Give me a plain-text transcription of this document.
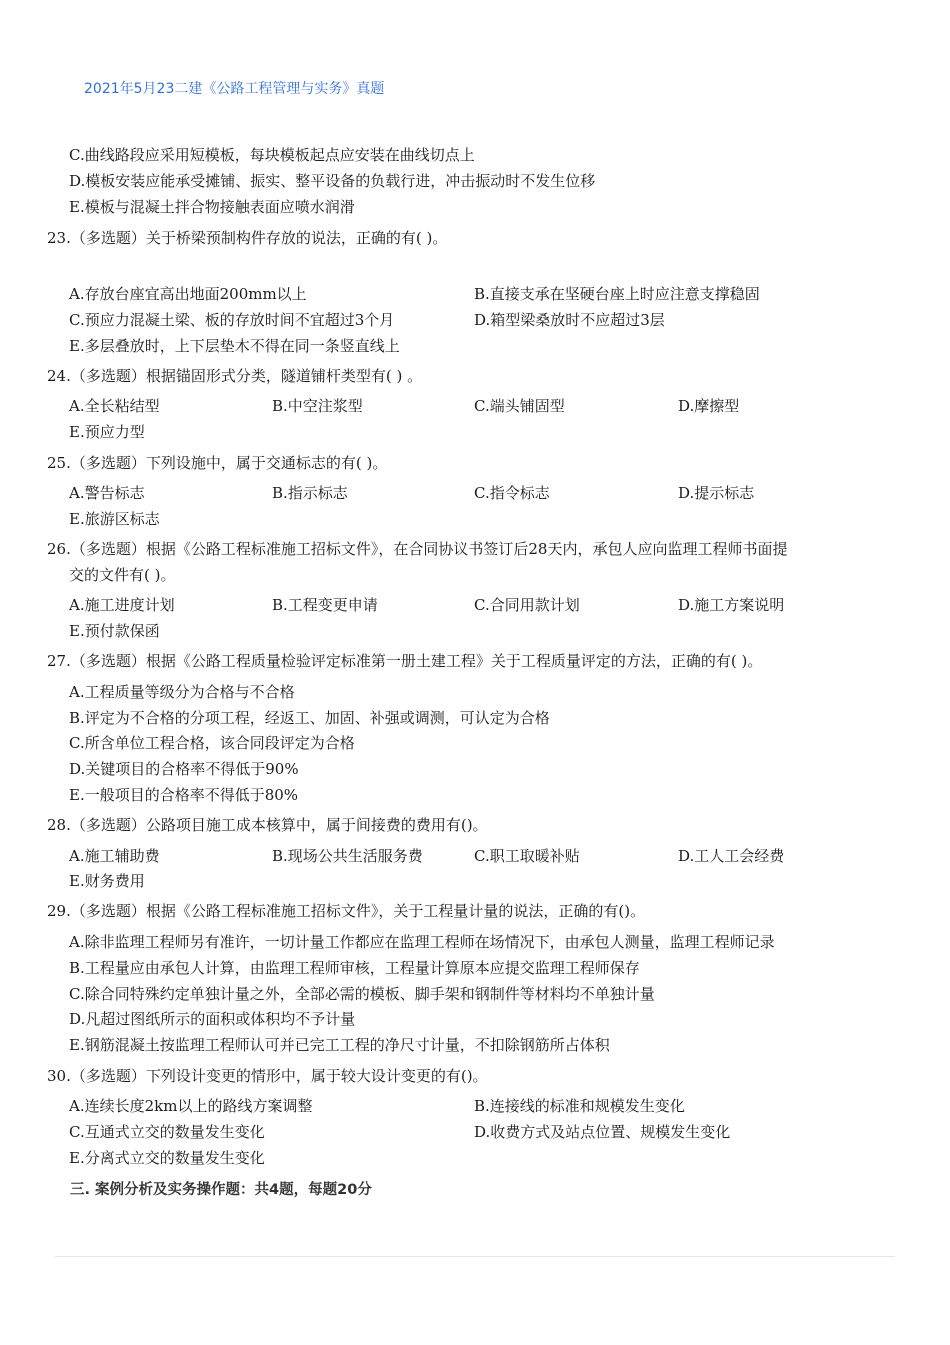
2021年5月23二建《公路工程管理与实务》真题
C.曲线路段应采用短模板，每块模板起点应安装在曲线切点上
D.模板安装应能承受摊铺、振实、整平设备的负载行进，冲击振动时不发生位移
E.模板与混凝土拌合物接触表面应喷水润滑
23.（多选题）关于桥梁预制构件存放的说法，正确的有( )。
A.存放台座宜高出地面200mm以上	B.直接支承在坚硬台座上时应注意支撑稳固
C.预应力混凝土梁、板的存放时间不宜超过3个月	D.箱型梁桑放时不应超过3层
E.多层叠放时，上下层垫木不得在同一条竖直线上
24.（多选题）根据锚固形式分类，隧道铺杆类型有( ) 。
A.全长粘结型	B.中空注浆型	C.端头铺固型	D.摩擦型
E.预应力型
25.（多选题）下列设施中，属于交通标志的有( )。
A.警告标志	B.指示标志	C.指令标志	D.提示标志
E.旅游区标志
26.（多选题）根据《公路工程标准施工招标文件》，在合同协议书签订后28天内，承包人应向监理工程师书面提
交的文件有( )。
A.施工进度计划	B.工程变更申请	C.合同用款计划	D.施工方案说明
E.预付款保函
27.（多选题）根据《公路工程质量检验评定标准第一册土建工程》关于工程质量评定的方法，正确的有( )。
A.工程质量等级分为合格与不合格
B.评定为不合格的分项工程，经返工、加固、补强或调测，可认定为合格
C.所含单位工程合格，该合同段评定为合格
D.关键项目的合格率不得低于90%
E.一般项目的合格率不得低于80%
28.（多选题）公路项目施工成本核算中，属于间接费的费用有()。
A.施工辅助费	B.现场公共生活服务费	C.职工取暖补贴	D.工人工会经费
E.财务费用
29.（多选题）根据《公路工程标准施工招标文件》，关于工程量计量的说法，正确的有()。
A.除非监理工程师另有准许，一切计量工作都应在监理工程师在场情况下，由承包人测量，监理工程师记录
B.工程量应由承包人计算，由监理工程师审核，工程量计算原本应提交监理工程师保存
C.除合同特殊约定单独计量之外，全部必需的模板、脚手架和钢制件等材料均不单独计量
D.凡超过图纸所示的面积或体积均不予计量
E.钢筋混凝土按监理工程师认可并已完工工程的净尺寸计量，不扣除钢筋所占体积
30.（多选题）下列设计变更的情形中，属于较大设计变更的有()。
A.连续长度2km以上的路线方案调整	B.连接线的标准和规模发生变化
C.互通式立交的数量发生变化	D.收费方式及站点位置、规模发生变化
E.分离式立交的数量发生变化
三. 案例分析及实务操作题：共4题，每题20分
